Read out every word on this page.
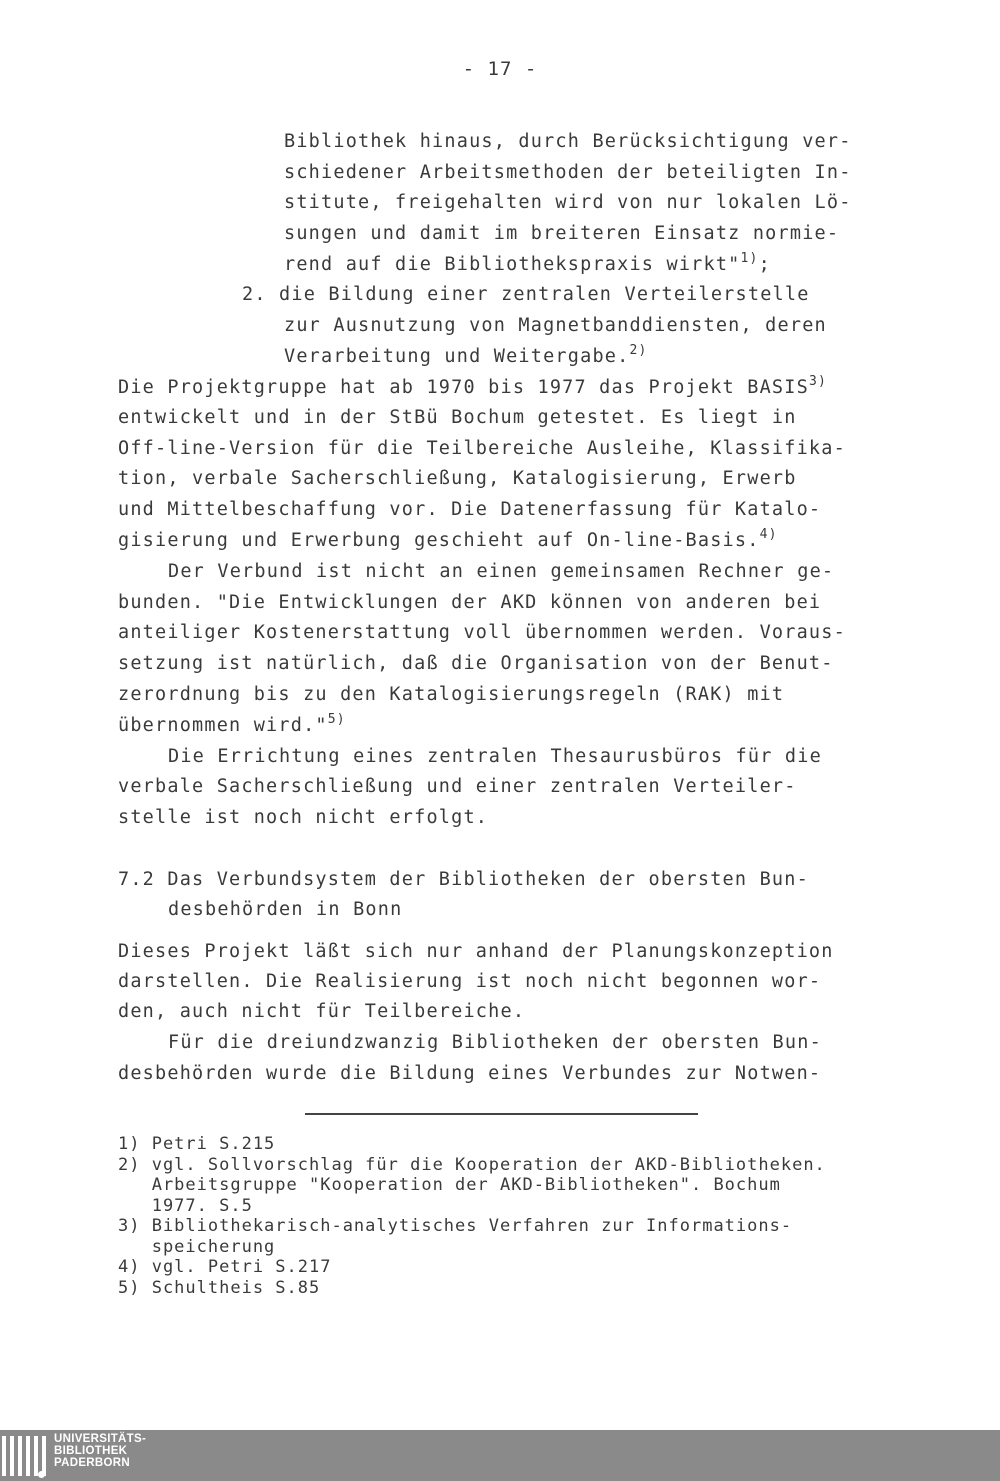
- 17 -
Bibliothek hinaus, durch Berücksichtigung ver-
schiedener Arbeitsmethoden der beteiligten In-
stitute, freigehalten wird von nur lokalen Lö-
sungen und damit im breiteren Einsatz normie-
rend auf die Bibliothekspraxis wirkt"$^{1)}$;
2. die Bildung einer zentralen Verteilerstelle
zur Ausnutzung von Magnetbanddiensten, deren
Verarbeitung und Weitergabe.$^{2)}$
Die Projektgruppe hat ab 1970 bis 1977 das Projekt BASIS$^{3)}$
entwickelt und in der StBü Bochum getestet. Es liegt in
Off-line-Version für die Teilbereiche Ausleihe, Klassifika-
tion, verbale Sacherschließung, Katalogisierung, Erwerb
und Mittelbeschaffung vor. Die Datenerfassung für Katalo-
gisierung und Erwerbung geschieht auf On-line-Basis.$^{4)}$
Der Verbund ist nicht an einen gemeinsamen Rechner ge-
bunden. "Die Entwicklungen der AKD können von anderen bei
anteiliger Kostenerstattung voll übernommen werden. Voraus-
setzung ist natürlich, daß die Organisation von der Benut-
zerordnung bis zu den Katalogisierungsregeln (RAK) mit
übernommen wird."$^{5)}$
Die Errichtung eines zentralen Thesaurusbüros für die
verbale Sacherschließung und einer zentralen Verteiler-
stelle ist noch nicht erfolgt.
7.2 Das Verbundsystem der Bibliotheken der obersten Bun-
desbehörden in Bonn
Dieses Projekt läßt sich nur anhand der Planungskonzeption
darstellen. Die Realisierung ist noch nicht begonnen wor-
den, auch nicht für Teilbereiche.
Für die dreiundzwanzig Bibliotheken der obersten Bun-
desbehörden wurde die Bildung eines Verbundes zur Notwen-
1) Petri S.215
2) vgl. Sollvorschlag für die Kooperation der AKD-Bibliotheken.
Arbeitsgruppe "Kooperation der AKD-Bibliotheken". Bochum
1977. S.5
3) Bibliothekarisch-analytisches Verfahren zur Informations-
speicherung
4) vgl. Petri S.217
5) Schultheis S.85
UNIVERSITÄTS-
BIBLIOTHEK
PADERBORN
